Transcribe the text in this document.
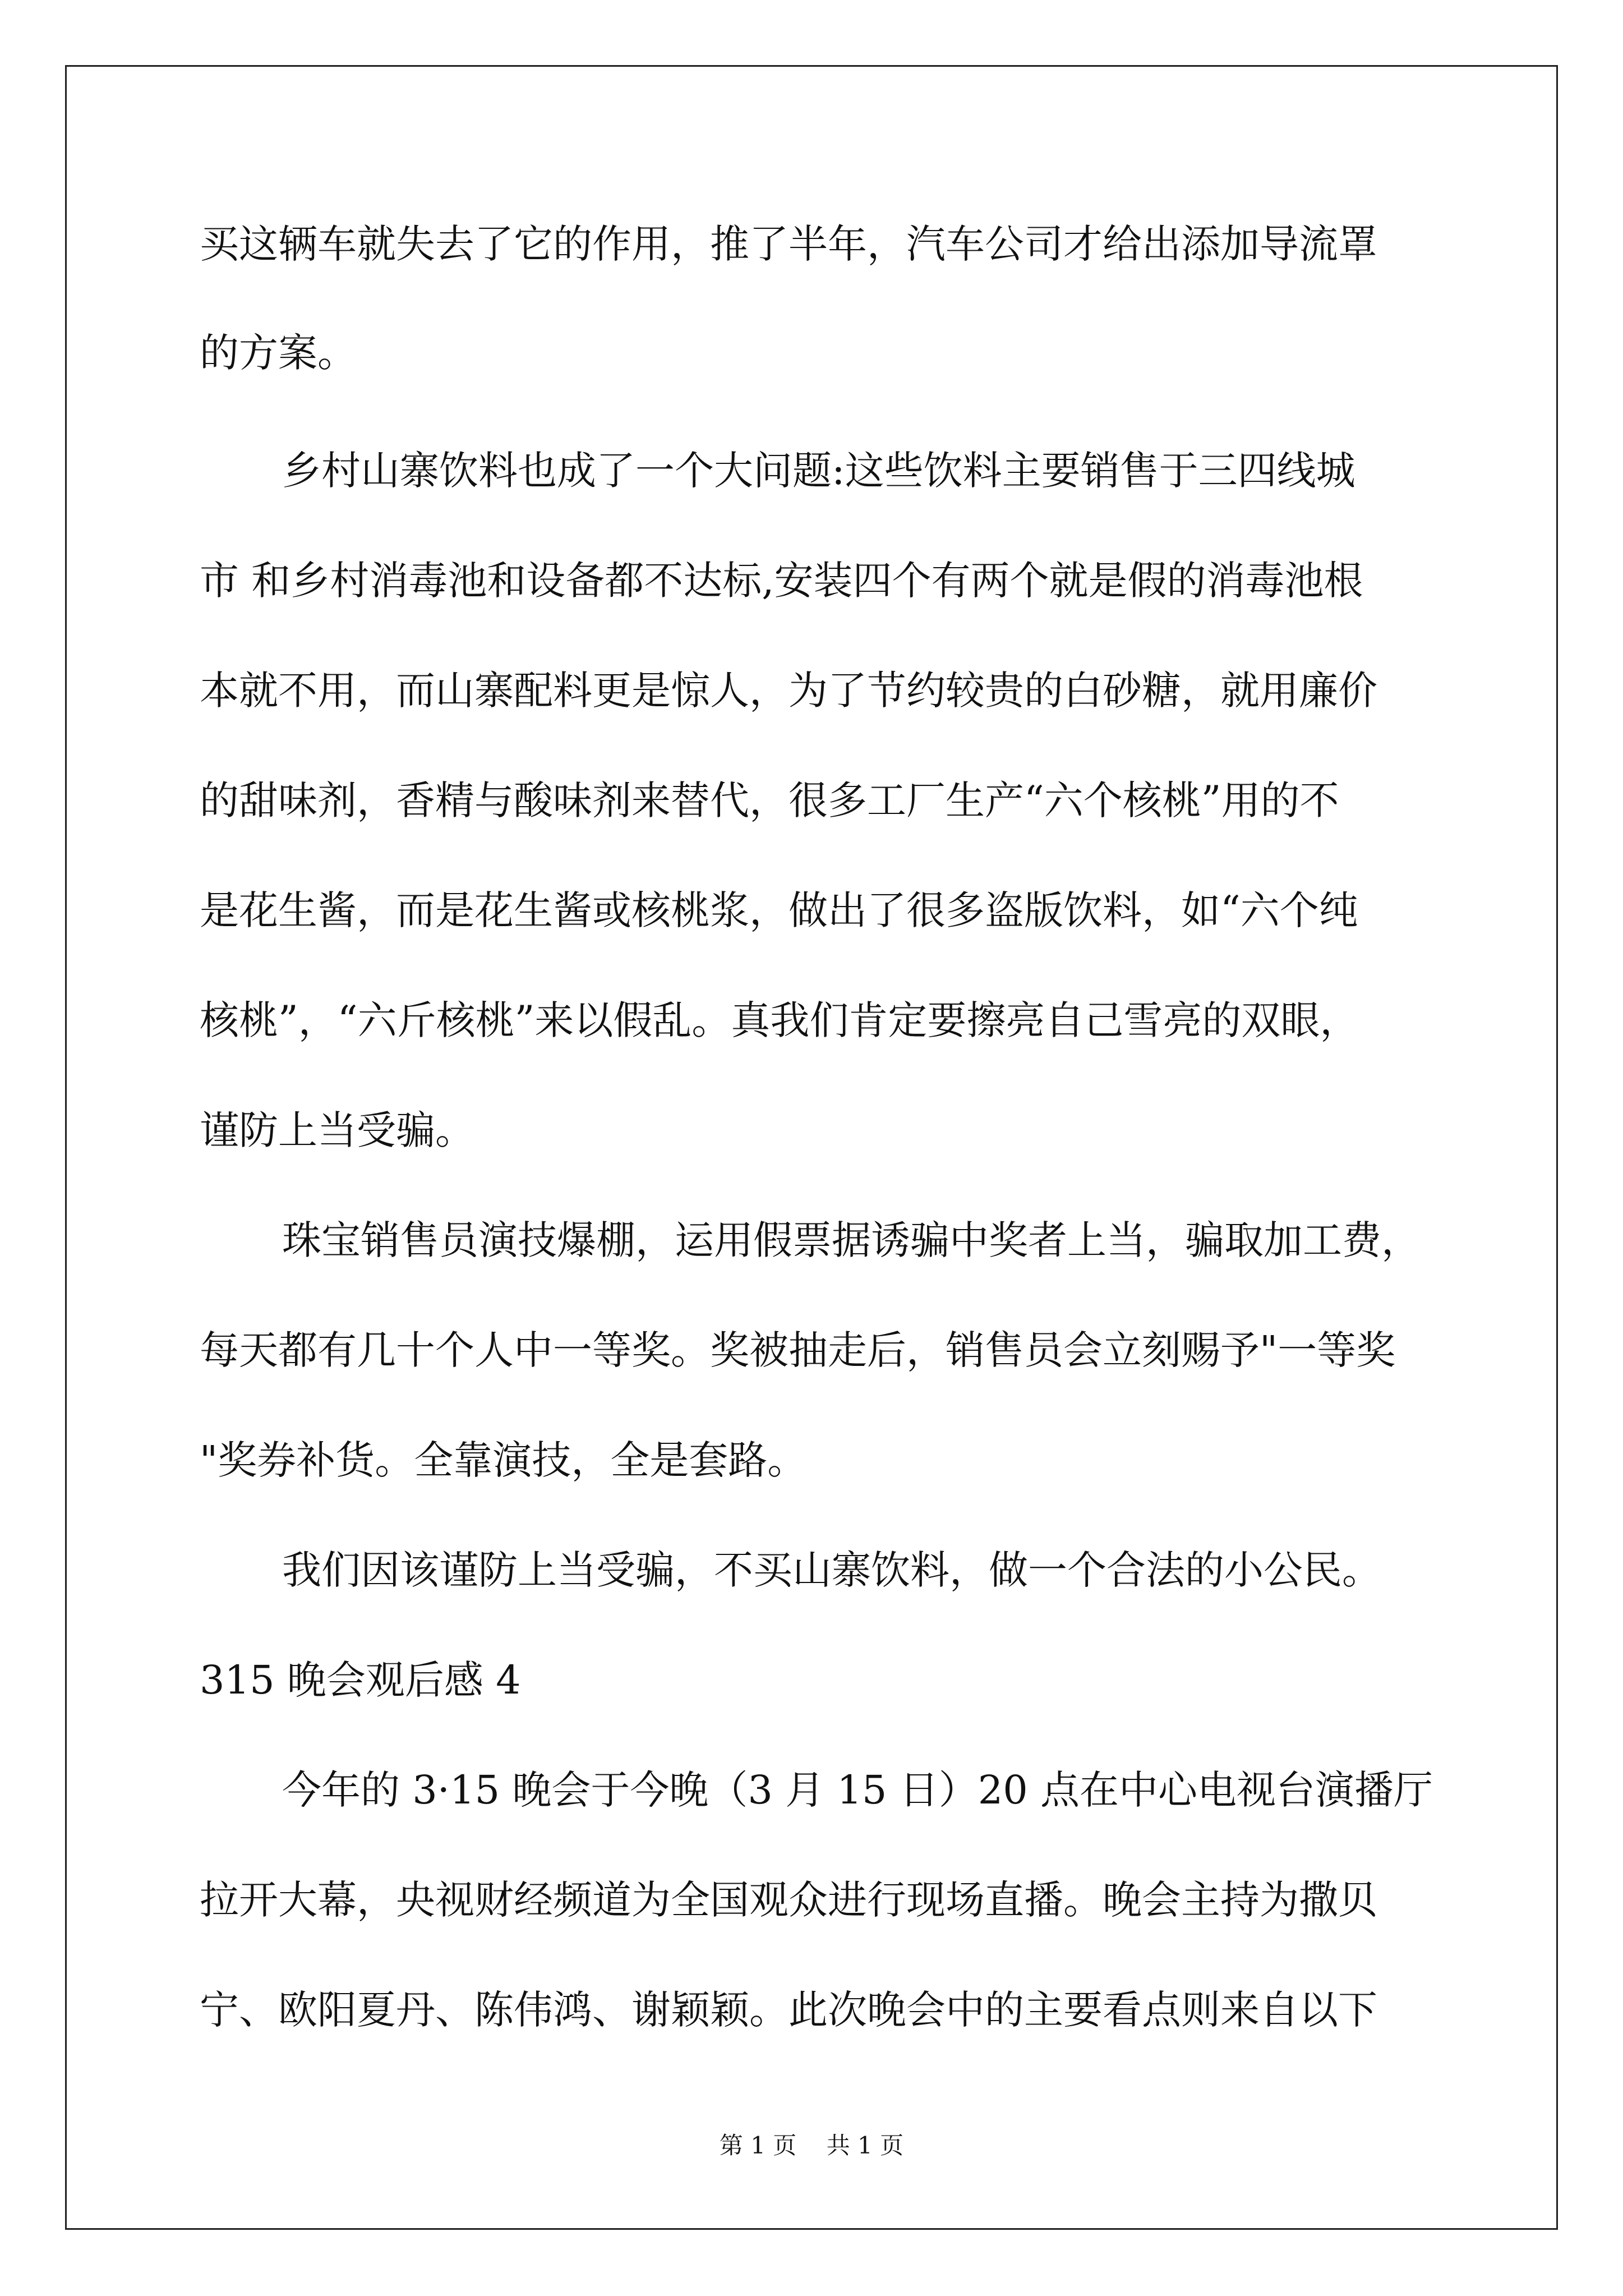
买这辆车就失去了它的作用，推了半年，汽车公司才给出添加导流罩
的方案。
乡村山寨饮料也成了一个大问题:这些饮料主要销售于三四线城
市 和乡村消毒池和设备都不达标,安装四个有两个就是假的消毒池根
本就不用，而山寨配料更是惊人，为了节约较贵的白砂糖，就用廉价
的甜味剂，香精与酸味剂来替代，很多工厂生产“六个核桃”用的不
是花生酱，而是花生酱或核桃浆，做出了很多盗版饮料，如“六个纯
核桃”，“六斤核桃”来以假乱。真我们肯定要擦亮自己雪亮的双眼，
谨防上当受骗。
珠宝销售员演技爆棚，运用假票据诱骗中奖者上当，骗取加工费，
每天都有几十个人中一等奖。奖被抽走后，销售员会立刻赐予"一等奖
"奖券补货。全靠演技，全是套路。
我们因该谨防上当受骗，不买山寨饮料，做一个合法的小公民。
315 晚会观后感 4
今年的 3·15 晚会于今晚（3 月 15 日）20 点在中心电视台演播厅
拉开大幕，央视财经频道为全国观众进行现场直播。晚会主持为撒贝
宁、欧阳夏丹、陈伟鸿、谢颖颖。此次晚会中的主要看点则来自以下
第 1 页    共 1 页
